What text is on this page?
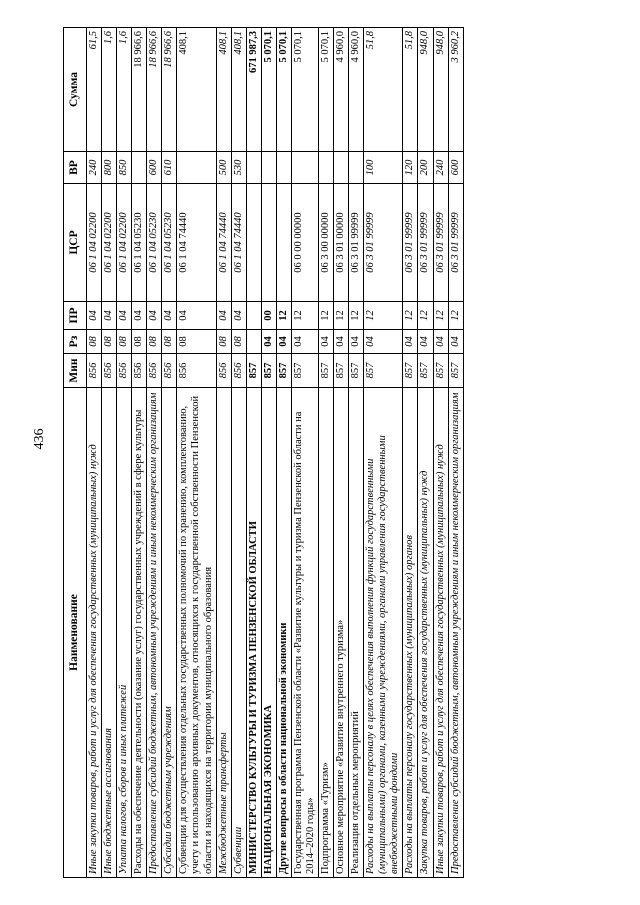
436
Наименование	Мин	Рз	ПР	ЦСР	ВР	Сумма
Иные закупки товаров, работ и услуг для обеспечения государственных (муниципальных) нужд	856	08	04	06 1 04 02200	240	61,5
Иные бюджетные ассигнования	856	08	04	06 1 04 02200	800	1,6
Уплата налогов, сборов и иных платежей	856	08	04	06 1 04 02200	850	1,6
Расходы на обеспечение деятельности (оказание услуг) государственных учреждений в сфере культуры	856	08	04	06 1 04 05230		18 966,6
Предоставление субсидий бюджетным, автономным учреждениям и иным некоммерческим организациям	856	08	04	06 1 04 05230	600	18 966,6
Субсидии бюджетным учреждениям	856	08	04	06 1 04 05230	610	18 966,6
Субвенции для осуществления отдельных государственных полномочий по хранению, комплектованию, учету и использованию архивных документов, относящихся к государственной собственности Пензенской области и находящихся на территории муниципального образования	856	08	04	06 1 04 74440		408,1
Межбюджетные трансферты	856	08	04	06 1 04 74440	500	408,1
Субвенции	856	08	04	06 1 04 74440	530	408,1
МИНИСТЕРСТВО КУЛЬТУРЫ И ТУРИЗМА ПЕНЗЕНСКОЙ ОБЛАСТИ	857					671 987,3
НАЦИОНАЛЬНАЯ ЭКОНОМИКА	857	04	00			5 070,1
Другие вопросы в области национальной экономики	857	04	12			5 070,1
Государственная программа Пензенской области «Развитие культуры и туризма Пензенской области на 2014–2020 годы»	857	04	12	06 0 00 00000		5 070,1
Подпрограмма «Туризм»	857	04	12	06 3 00 00000		5 070,1
Основное мероприятие «Развитие внутреннего туризма»	857	04	12	06 3 01 00000		4 960,0
Реализация отдельных мероприятий	857	04	12	06 3 01 99999		4 960,0
Расходы на выплаты персоналу в целях обеспечения выполнения функций государственными (муниципальными) органами, казенными учреждениями, органами управления государственными внебюджетными фондами	857	04	12	06 3 01 99999	100	51,8
Расходы на выплаты персоналу государственных (муниципальных) органов	857	04	12	06 3 01 99999	120	51,8
Закупка товаров, работ и услуг для обеспечения государственных (муниципальных) нужд	857	04	12	06 3 01 99999	200	948,0
Иные закупки товаров, работ и услуг для обеспечения государственных (муниципальных) нужд	857	04	12	06 3 01 99999	240	948,0
Предоставление субсидий бюджетным, автономным учреждениям и иным некоммерческим организациям	857	04	12	06 3 01 99999	600	3 960,2
